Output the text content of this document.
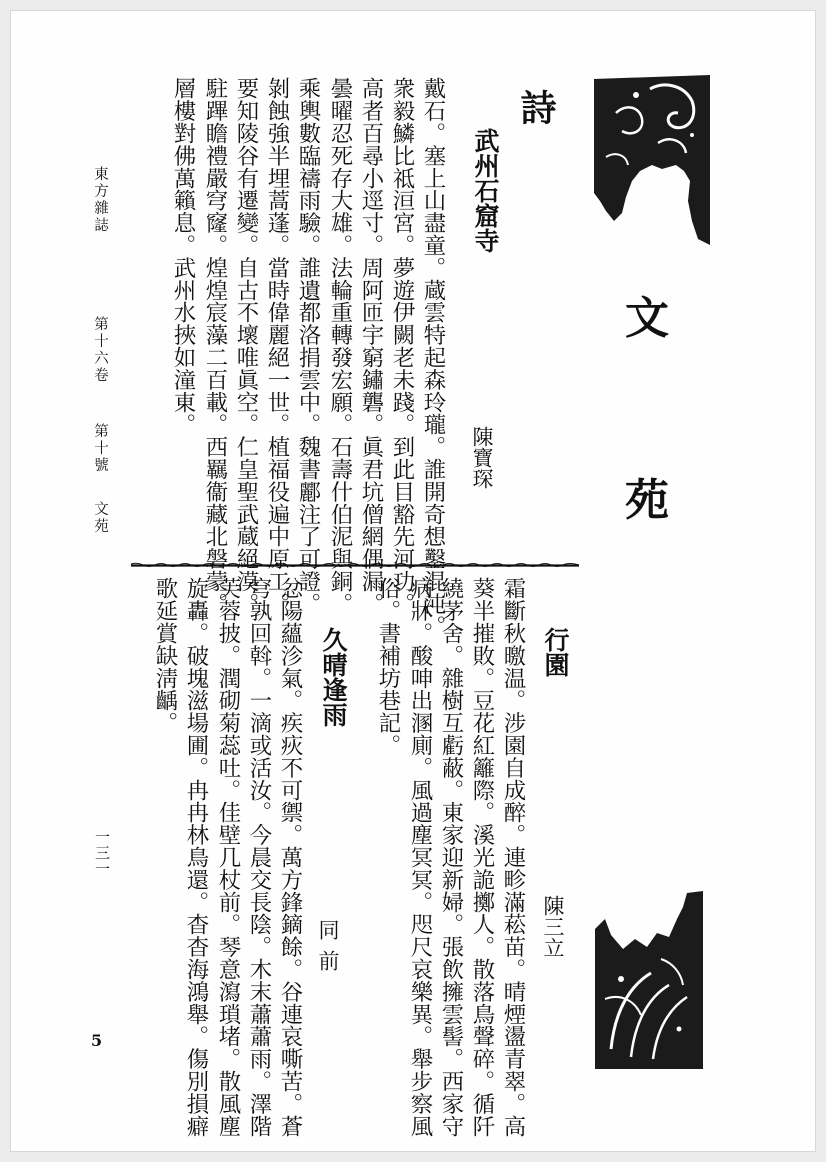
文
苑
詩
武州石窟寺
陳寶琛
戴石。塞上山盡童。蔵雲特起森玲瓏。誰開奇想鑿混沌。
衆毅鱗比祗洹宮。夢遊伊闕老未踐。到此目豁先河功。
高者百尋小逕寸。周阿匝宇窮鏽礱。眞君坑僧網偶漏。
曇曜忍死存大雄。法輪重轉發宏願。石壽什伯泥與銅。
乘輿數臨禱雨驗。誰遺都洛捐雲中。魏書酈注了可證。
剝蝕強半埋蒿蓬。當時偉麗絕一世。植福役遍中原工。
要知陵谷有遷變。自古不壞唯眞空。仁皇聖武蔵絕漠。
駐蹕瞻禮嚴穹窿。煌煌宸藻二百載。西羈衞藏北磐蒙。
層樓對佛萬籟息。武州水挾如潼東。
行園
陳三立
霜斷秋曒温。涉園自成醉。連畛滿菘苗。晴煙盪青翠。高
葵半摧敗。豆花紅籬際。溪光詭擲人。散落鳥聲碎。循阡
繞茅舍。雜樹互虧蔽。東家迎新婦。張飲擁雲髻。西家守
病牀。酸呻出溷廁。風過塵冥冥。咫尺哀樂異。舉步察風
俗。書補坊巷記。
久晴逢雨
同前
忿陽蘊沴氣。疾疢不可禦。萬方鋒鏑餘。谷連哀嘶苦。蒼
穹孰回斡。一滴或活汝。今晨交長陰。木末蕭蕭雨。澤階
芙蓉披。潤砌菊蕊吐。佳壁几杖前。琴意瀉瑣堵。散風塵
旋轟。破塊滋場圃。冉冉林鳥還。杳杳海鴻舉。傷別損癖
歌延賞缺淸齲。
東方雜誌
第十六卷
第十號
文苑
一三一
5
